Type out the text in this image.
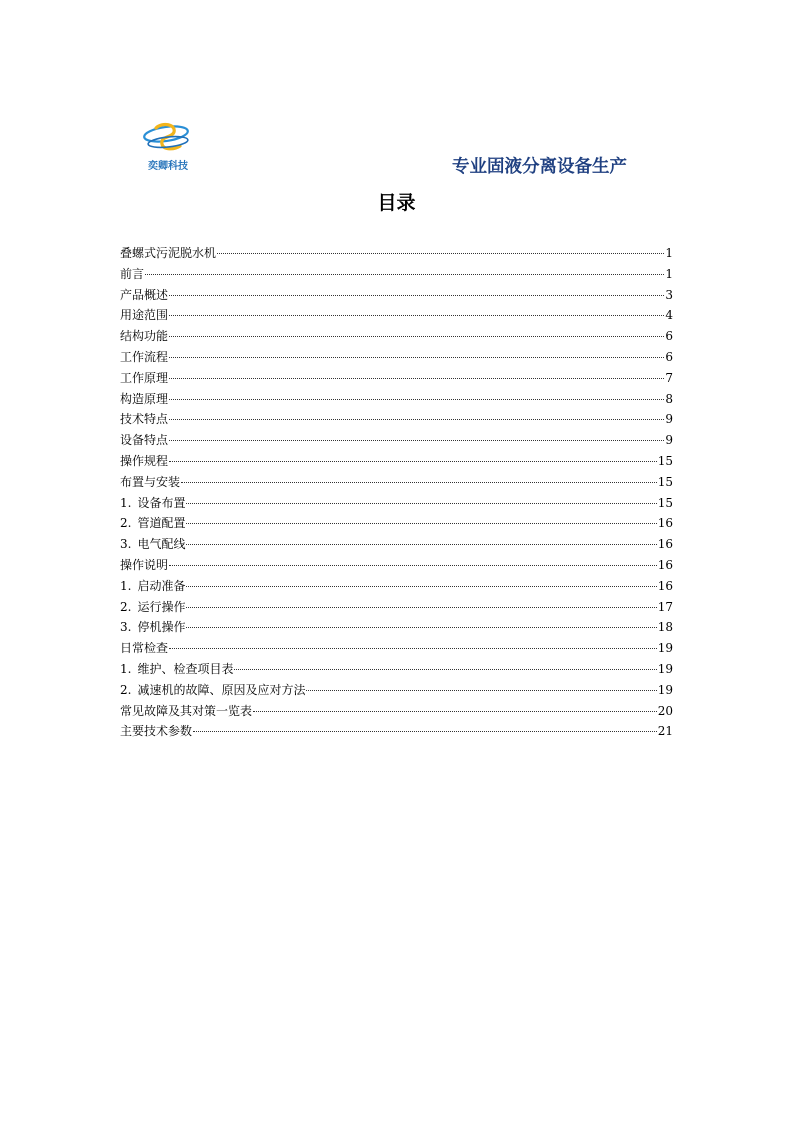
奕卿科技	专业固液分离设备生产
目录
叠螺式污泥脱水机	1
前言	1
产品概述	3
用途范围	4
结构功能	6
工作流程	6
工作原理	7
构造原理	8
技术特点	9
设备特点	9
操作规程	15
布置与安装	15
1. 设备布置	15
2. 管道配置	16
3. 电气配线	16
操作说明	16
1. 启动准备	16
2. 运行操作	17
3. 停机操作	18
日常检查	19
1. 维护、检查项目表	19
2. 减速机的故障、原因及应对方法	19
常见故障及其对策一览表	20
主要技术参数	21
